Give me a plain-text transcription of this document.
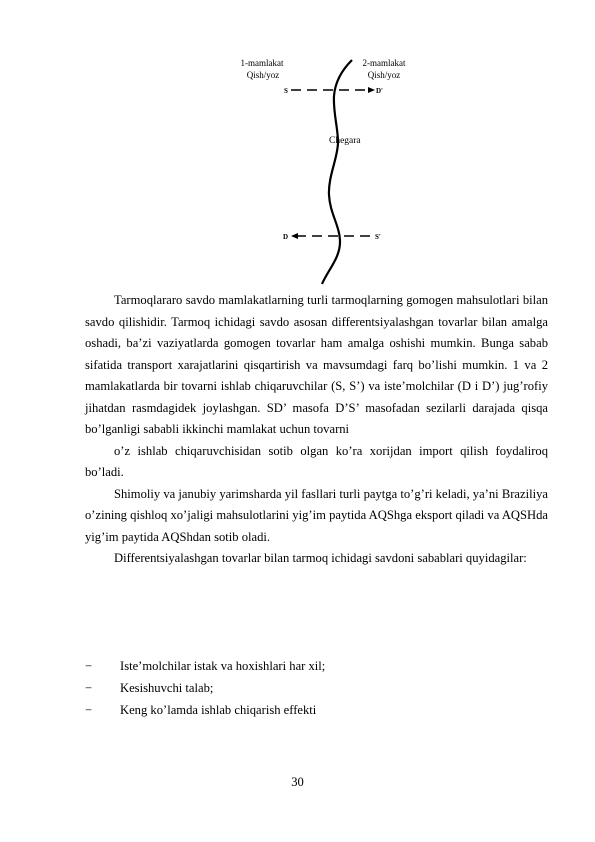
1-mamlakat
Qish/yoz
2-mamlakat
Qish/yoz
S	D'
Chegara
D	S'

Tarmoqlararo savdo mamlakatlarning turli tarmoqlarning gomogen mahsulotlari bilan savdo qilishidir. Tarmoq ichidagi savdo asosan differentsiyalashgan tovarlar bilan amalga oshadi, ba’zi vaziyatlarda gomogen tovarlar ham amalga oshishi mumkin. Bunga sabab sifatida transport xarajatlarini qisqartirish va mavsumdagi farq bo’lishi mumkin. 1 va 2 mamlakatlarda bir tovarni ishlab chiqaruvchilar (S, S’) va iste’molchilar (D i D’) jug’rofiy jihatdan rasmdagidek joylashgan. SD’ masofa D’S’ masofadan sezilarli darajada qisqa bo’lganligi sababli ikkinchi mamlakat uchun tovarni

o’z ishlab chiqaruvchisidan sotib olgan ko’ra xorijdan import qilish foydaliroq bo’ladi.

Shimoliy va janubiy yarimsharda yil fasllari turli paytga to’g’ri keladi, ya’ni Braziliya o’zining qishloq xo’jaligi mahsulotlarini yig’im paytida AQShga eksport qiladi va AQSHda yig’im paytida AQShdan sotib oladi.

Differentsiyalashgan tovarlar bilan tarmoq ichidagi savdoni sabablari quyidagilar:

− Iste’molchilar istak va hoxishlari har xil;
− Kesishuvchi talab;
− Keng ko’lamda ishlab chiqarish effekti
30
